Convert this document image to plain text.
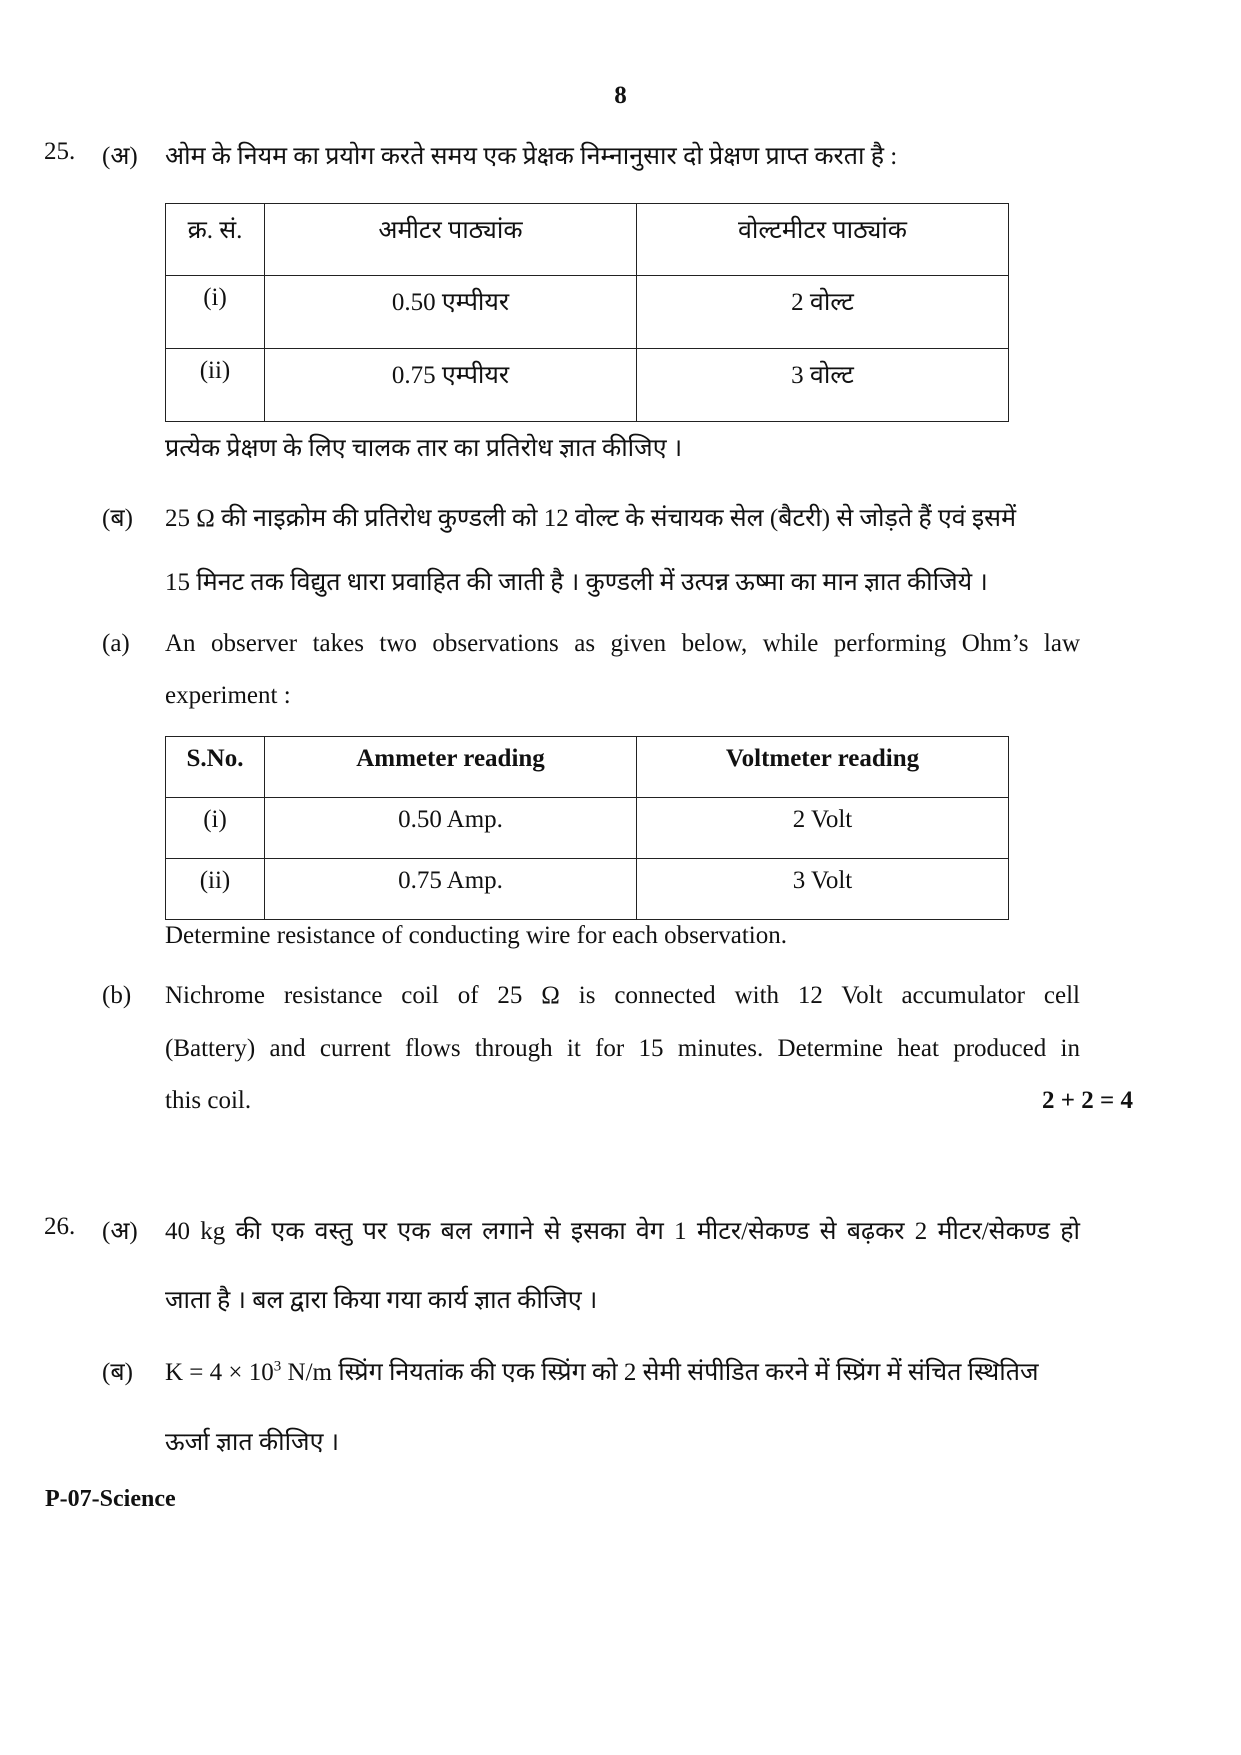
8
25. (अ) ओम के नियम का प्रयोग करते समय एक प्रेक्षक निम्नानुसार दो प्रेक्षण प्राप्त करता है :
क्र. सं.	अमीटर पाठ्यांक	वोल्टमीटर पाठ्यांक
(i)	0.50 एम्पीयर	2 वोल्ट
(ii)	0.75 एम्पीयर	3 वोल्ट
प्रत्येक प्रेक्षण के लिए चालक तार का प्रतिरोध ज्ञात कीजिए ।
(ब) 25 Ω की नाइक्रोम की प्रतिरोध कुण्डली को 12 वोल्ट के संचायक सेल (बैटरी) से जोड़ते हैं एवं इसमें
15 मिनट तक विद्युत धारा प्रवाहित की जाती है । कुण्डली में उत्पन्न ऊष्मा का मान ज्ञात कीजिये ।
(a) An observer takes two observations as given below, while performing Ohm’s law
experiment :
S.No.	Ammeter reading	Voltmeter reading
(i)	0.50 Amp.	2 Volt
(ii)	0.75 Amp.	3 Volt
Determine resistance of conducting wire for each observation.
(b) Nichrome resistance coil of 25 Ω is connected with 12 Volt accumulator cell
(Battery) and current flows through it for 15 minutes. Determine heat produced in
this coil.	2 + 2 = 4
26. (अ) 40 kg की एक वस्तु पर एक बल लगाने से इसका वेग 1 मीटर/सेकण्ड से बढ़कर 2 मीटर/सेकण्ड हो
जाता है । बल द्वारा किया गया कार्य ज्ञात कीजिए ।
(ब) $K = 4 \times 10^3$ N/m स्प्रिंग नियतांक की एक स्प्रिंग को 2 सेमी संपीडित करने में स्प्रिंग में संचित स्थितिज
ऊर्जा ज्ञात कीजिए ।
P-07-Science
